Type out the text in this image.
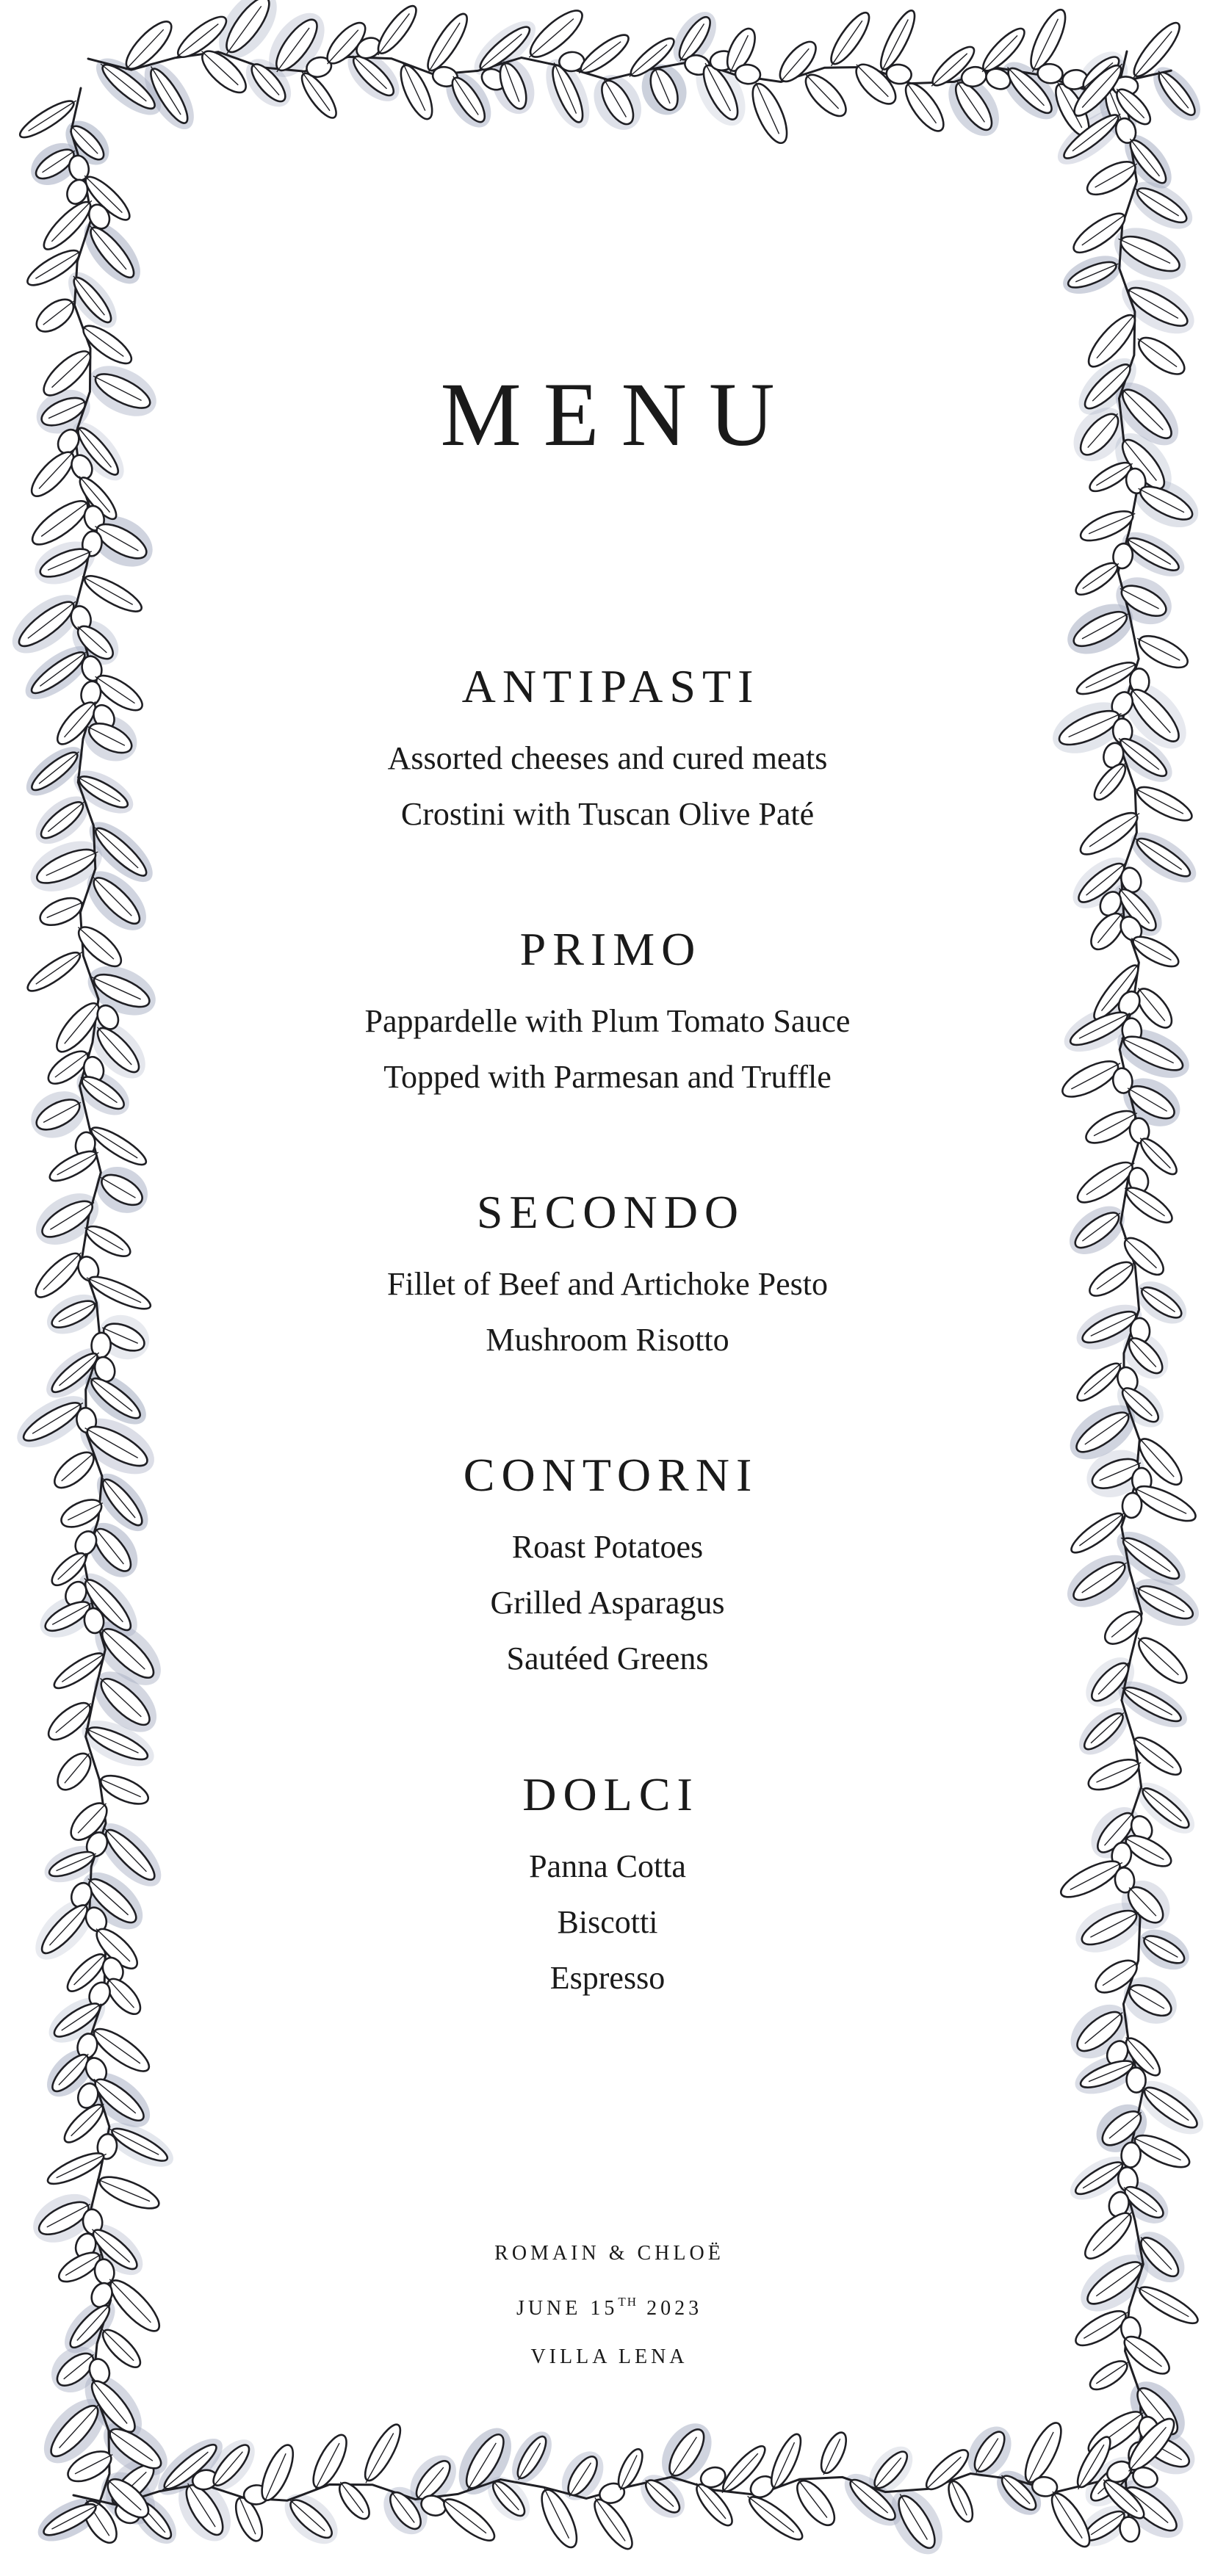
MENU
ANTIPASTI
Assorted cheeses and cured meats
Crostini with Tuscan Olive Paté
PRIMO
Pappardelle with Plum Tomato Sauce
Topped with Parmesan and Truffle
SECONDO
Fillet of Beef and Artichoke Pesto
Mushroom Risotto
CONTORNI
Roast Potatoes
Grilled Asparagus
Sautéed Greens
DOLCI
Panna Cotta
Biscotti
Espresso
ROMAIN & CHLOË
JUNE 15TH 2023
VILLA LENA
